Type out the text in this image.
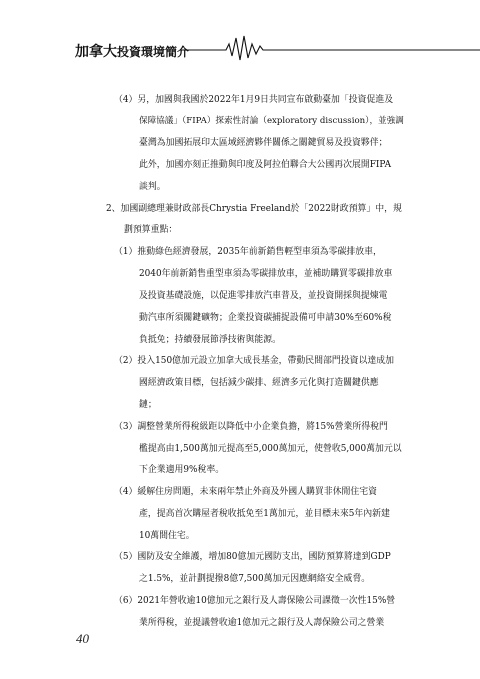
加拿大投資環境簡介
（4）另，加國與我國於2022年1月9日共同宣布啟動臺加「投資促進及
保障協議」（FIPA）探索性討論（exploratory discussion），並強調
臺灣為加國拓展印太區域經濟夥伴關係之關鍵貿易及投資夥伴；
此外，加國亦刻正推動與印度及阿拉伯聯合大公國再次展開FIPA
談判。
2、加國副總理兼財政部長Chrystia Freeland於「2022財政預算」中，規
劃預算重點：
（1）推動綠色經濟發展，2035年前新銷售輕型車須為零碳排放車，
2040年前新銷售重型車須為零碳排放車，並補助購買零碳排放車
及投資基礎設施，以促進零排放汽車普及，並投資開採與提煉電
動汽車所須關鍵礦物；企業投資碳捕捉設備可申請30%至60%稅
負抵免；持續發展節淨技術與能源。
（2）投入150億加元設立加拿大成長基金，帶動民間部門投資以達成加
國經濟政策目標，包括減少碳排、經濟多元化與打造關鍵供應
鏈；
（3）調整營業所得稅級距以降低中小企業負擔，將15%營業所得稅門
檻提高由1,500萬加元提高至5,000萬加元，使營收5,000萬加元以
下企業適用9%稅率。
（4）緩解住房問題，未來兩年禁止外商及外國人購買非休閒住宅資
產，提高首次購屋者稅收抵免至1萬加元，並目標未來5年內新建
10萬間住宅。
（5）國防及安全維護，增加80億加元國防支出，國防預算將達到GDP
之1.5%，並計劃提撥8億7,500萬加元因應網絡安全威脅。
（6）2021年營收逾10億加元之銀行及人壽保險公司課徵一次性15%營
業所得稅，並提議營收逾1億加元之銀行及人壽保險公司之營業
40
